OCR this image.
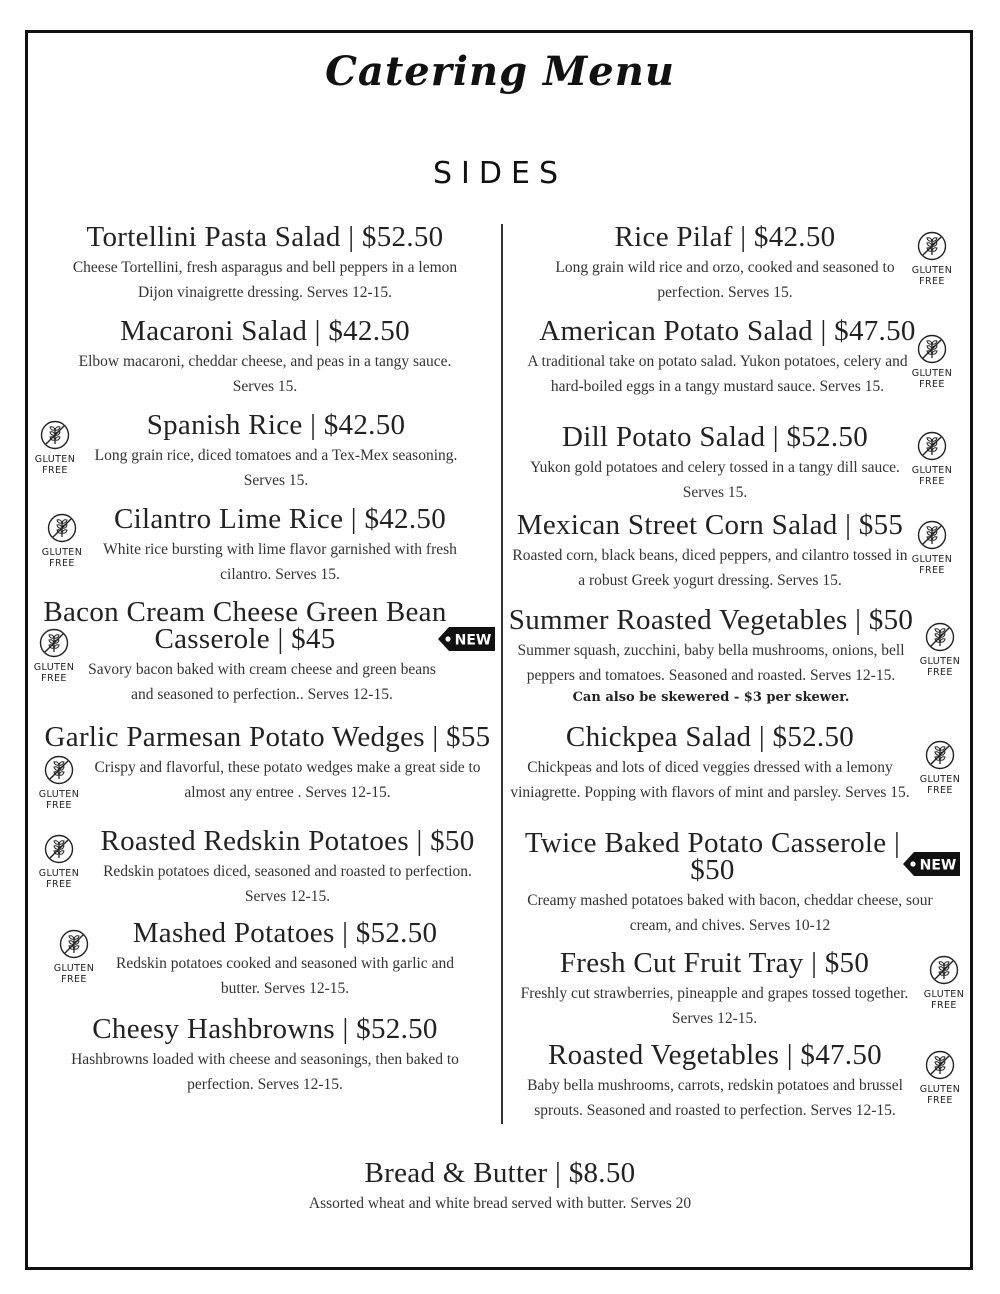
Catering Menu
SIDES
Tortellini Pasta Salad | $52.50
Cheese Tortellini, fresh asparagus and bell peppers in a lemon Dijon vinaigrette dressing. Serves 12-15.
Macaroni Salad | $42.50
Elbow macaroni, cheddar cheese, and peas in a tangy sauce. Serves 15.
Spanish Rice | $42.50
Long grain rice, diced tomatoes and a Tex-Mex seasoning. Serves 15.
Cilantro Lime Rice | $42.50
White rice bursting with lime flavor garnished with fresh cilantro. Serves 15.
Bacon Cream Cheese Green Bean Casserole | $45
Savory bacon baked with cream cheese and green beans and seasoned to perfection.. Serves 12-15.
Garlic Parmesan Potato Wedges | $55
Crispy and flavorful, these potato wedges make a great side to almost any entree . Serves 12-15.
Roasted Redskin Potatoes | $50
Redskin potatoes diced, seasoned and roasted to perfection. Serves 12-15.
Mashed Potatoes | $52.50
Redskin potatoes cooked and seasoned with garlic and butter. Serves 12-15.
Cheesy Hashbrowns | $52.50
Hashbrowns loaded with cheese and seasonings, then baked to perfection. Serves 12-15.
Rice Pilaf | $42.50
Long grain wild rice and orzo, cooked and seasoned to perfection. Serves 15.
American Potato Salad | $47.50
A traditional take on potato salad. Yukon potatoes, celery and hard-boiled eggs in a tangy mustard sauce. Serves 15.
Dill Potato Salad | $52.50
Yukon gold potatoes and celery tossed in a tangy dill sauce. Serves 15.
Mexican Street Corn Salad | $55
Roasted corn, black beans, diced peppers, and cilantro tossed in a robust Greek yogurt dressing. Serves 15.
Summer Roasted Vegetables | $50
Summer squash, zucchini, baby bella mushrooms, onions, bell peppers and tomatoes. Seasoned and roasted. Serves 12-15.
Can also be skewered - $3 per skewer.
Chickpea Salad | $52.50
Chickpeas and lots of diced veggies dressed with a lemony viniagrette. Popping with flavors of mint and parsley. Serves 15.
Twice Baked Potato Casserole | $50
Creamy mashed potatoes baked with bacon, cheddar cheese, sour cream, and chives. Serves 10-12
Fresh Cut Fruit Tray | $50
Freshly cut strawberries, pineapple and grapes tossed together. Serves 12-15.
Roasted Vegetables | $47.50
Baby bella mushrooms, carrots, redskin potatoes and brussel sprouts. Seasoned and roasted to perfection. Serves 12-15.
Bread & Butter | $8.50
Assorted wheat and white bread served with butter. Serves 20
GLUTEN
FREE
GLUTEN
FREE
GLUTEN
FREE
GLUTEN
FREE
GLUTEN
FREE
GLUTEN
FREE
GLUTEN
FREE
GLUTEN
FREE
GLUTEN
FREE
GLUTEN
FREE
GLUTEN
FREE
GLUTEN
FREE
GLUTEN
FREE
GLUTEN
FREE
NEW
NEW
